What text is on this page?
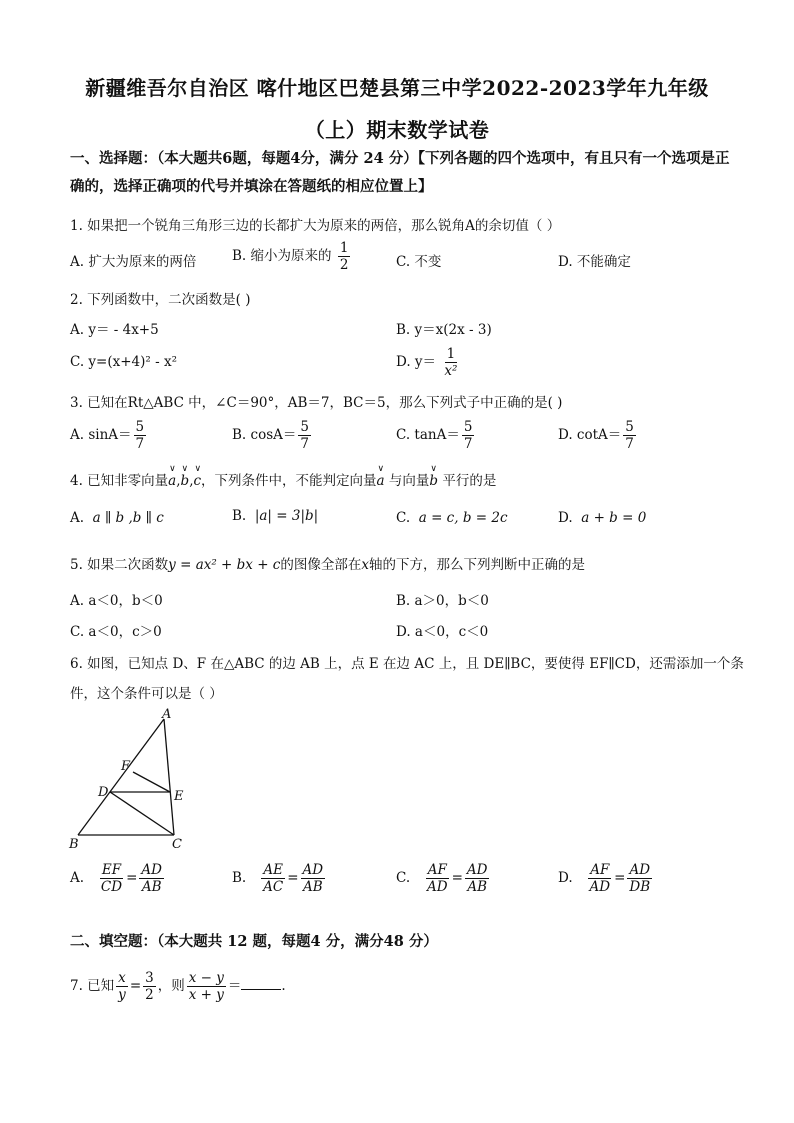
新疆维吾尔自治区 喀什地区巴楚县第三中学2022-2023学年九年级
（上）期末数学试卷
一、选择题：（本大题共6题，每题4分，满分 24 分）【下列各题的四个选项中，有且只有一个选项是正确的，选择正确项的代号并填涂在答题纸的相应位置上】
1. 如果把一个锐角三角形三边的长都扩大为原来的两倍，那么锐角A的余切值（ ）
A. 扩大为原来的两倍	B. 缩小为原来的 $\frac{1}{2}$	C. 不变	D. 不能确定
2. 下列函数中，二次函数是( )
A. y＝ - 4x+5	B. y＝x(2x - 3)
C. y=(x+4)² - x²	D. $y= \frac{1}{\text{x²}}$
3. 已知在Rt△ABC 中，∠C＝90°，AB＝7，BC＝5，那么下列式子中正确的是( )
A. $\sin A= \frac{5}{7}$	B. $\cos A= \frac{5}{7}$	C. $\tan A= \frac{5}{7}$	D. $\cot A= \frac{5}{7}$
4. 已知非零向量
∨
a,
∨
b,
∨
c，下列条件中，不能判定向量
∨
a 与向量
∨
b 平行的是
A. a ∥ b ,b ∥ c	B. |a| = 3|b|	C. a = c, b = 2c	D. a + b = 0
5. 如果二次函数y = ax² + bx + c的图像全部在x轴的下方，那么下列判断中正确的是
A. a＜0，b＜0	B. a＞0，b＜0
C. a＜0，c＞0	D. a＜0，c＜0
6. 如图，已知点 D、F 在△ABC 的边 AB 上，点 E 在边 AC 上，且 DE∥BC，要使得 EF∥CD，还需添加一个条
件，这个条件可以是（ ）
A
B	C
D	E
F
A. $\frac{EF}{CD} = \frac{AD}{AB}$	B. $\frac{AE}{AC} = \frac{AD}{AB}$	C. $\frac{AF}{AD} = \frac{AD}{AB}$	D. $\frac{AF}{AD} = \frac{AD}{DB}$
二、填空题：（本大题共 12 题，每题4 分，满分48 分）
7. 已知 $\frac{x}{y} = \frac{3}{2}$ ，则 $\frac{x - y}{x + y}$ ＝	.
